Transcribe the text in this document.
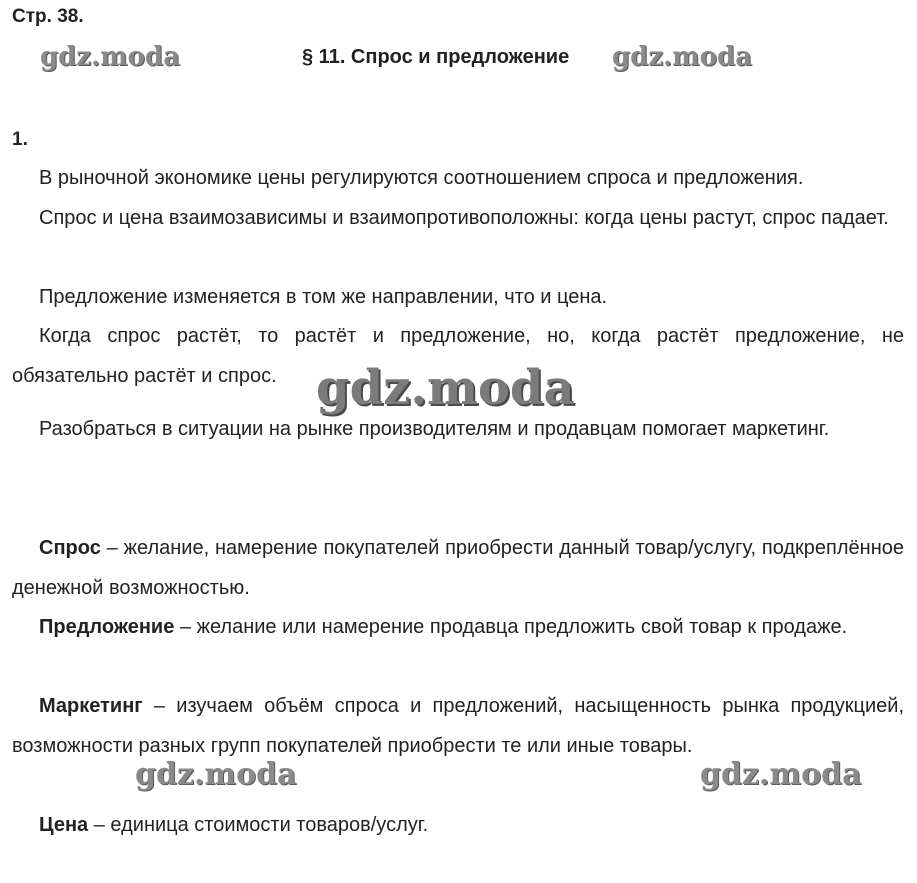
Стр. 38.
§ 11. Спрос и предложение
1.

В рыночной экономике цены регулируются соотношением спроса и предложения.

Спрос и цена взаимозависимы и взаимопротивоположны: когда цены растут, спрос падает.

Предложение изменяется в том же направлении, что и цена.

Когда спрос растёт, то растёт и предложение, но, когда растёт предложение, не обязательно растёт и спрос.

Разобраться в ситуации на рынке производителям и продавцам помогает маркетинг.

Спрос – желание, намерение покупателей приобрести данный товар/услугу, подкреплённое денежной возможностью.

Предложение – желание или намерение продавца предложить свой товар к продаже.

Маркетинг – изучаем объём спроса и предложений, насыщенность рынка продукцией, возможности разных групп покупателей приобрести те или иные товары.

Цена – единица стоимости товаров/услуг.

gdz.moda	gdz.moda
gdz.moda
gdz.moda	gdz.moda
